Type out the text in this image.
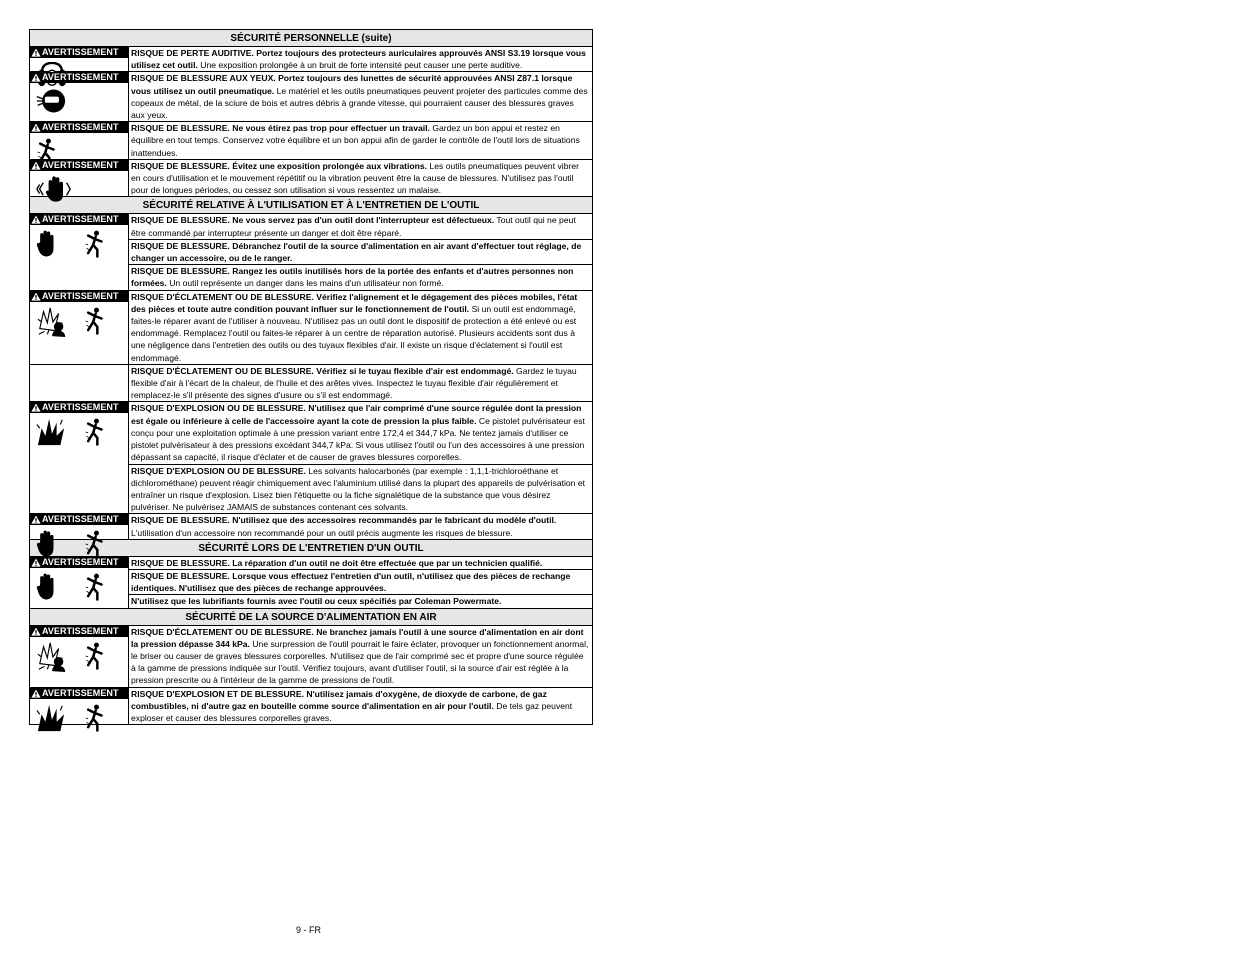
SÉCURITÉ PERSONNELLE (suite)
AVERTISSEMENT RISQUE DE PERTE AUDITIVE. Portez toujours des protecteurs auriculaires approuvés ANSI S3.19 lorsque vous utilisez cet outil. Une exposition prolongée à un bruit de forte intensité peut causer une perte auditive.
AVERTISSEMENT RISQUE DE BLESSURE AUX YEUX. Portez toujours des lunettes de sécurité approuvées ANSI Z87.1 lorsque vous utilisez un outil pneumatique. Le matériel et les outils pneumatiques peuvent projeter des particules comme des copeaux de métal, de la sciure de bois et autres débris à grande vitesse, qui pourraient causer des blessures graves aux yeux.
AVERTISSEMENT RISQUE DE BLESSURE. Ne vous étirez pas trop pour effectuer un travail. Gardez un bon appui et restez en équilibre en tout temps. Conservez votre équilibre et un bon appui afin de garder le contrôle de l'outil lors de situations inattendues.
AVERTISSEMENT RISQUE DE BLESSURE. Évitez une exposition prolongée aux vibrations. Les outils pneumatiques peuvent vibrer en cours d'utilisation et le mouvement répétitif ou la vibration peuvent être la cause de blessures. N'utilisez pas l'outil pour de longues périodes, ou cessez son utilisation si vous ressentez un malaise.
SÉCURITÉ RELATIVE À L'UTILISATION ET À L'ENTRETIEN DE L'OUTIL
AVERTISSEMENT RISQUE DE BLESSURE. Ne vous servez pas d'un outil dont l'interrupteur est défectueux. Tout outil qui ne peut être commandé par interrupteur présente un danger et doit être réparé.
RISQUE DE BLESSURE. Débranchez l'outil de la source d'alimentation en air avant d'effectuer tout réglage, de changer un accessoire, ou de le ranger.
RISQUE DE BLESSURE. Rangez les outils inutilisés hors de la portée des enfants et d'autres personnes non formées. Un outil représente un danger dans les mains d'un utilisateur non formé.
AVERTISSEMENT RISQUE D'ÉCLATEMENT OU DE BLESSURE. Vérifiez l'alignement et le dégagement des pièces mobiles, l'état des pièces et toute autre condition pouvant influer sur le fonctionnement de l'outil. Si un outil est endommagé, faites-le réparer avant de l'utiliser à nouveau. N'utilisez pas un outil dont le dispositif de protection a été enlevé ou est endommagé. Remplacez l'outil ou faites-le réparer à un centre de réparation autorisé. Plusieurs accidents sont dus à une négligence dans l'entretien des outils ou des tuyaux flexibles d'air. Il existe un risque d'éclatement si l'outil est endommagé.
RISQUE D'ÉCLATEMENT OU DE BLESSURE. Vérifiez si le tuyau flexible d'air est endommagé. Gardez le tuyau flexible d'air à l'écart de la chaleur, de l'huile et des arêtes vives. Inspectez le tuyau flexible d'air régulièrement et remplacez-le s'il présente des signes d'usure ou s'il est endommagé.
AVERTISSEMENT RISQUE D'EXPLOSION OU DE BLESSURE. N'utilisez que l'air comprimé d'une source régulée dont la pression est égale ou inférieure à celle de l'accessoire ayant la cote de pression la plus faible. Ce pistolet pulvérisateur est conçu pour une exploitation optimale à une pression variant entre 172,4 et 344,7 kPa. Ne tentez jamais d'utiliser ce pistolet pulvérisateur à des pressions excédant 344,7 kPa. Si vous utilisez l'outil ou l'un des accessoires à une pression dépassant sa capacité, il risque d'éclater et de causer de graves blessures corporelles.
RISQUE D'EXPLOSION OU DE BLESSURE. Les solvants halocarbonés (par exemple : 1,1,1-trichloroéthane et dichlorométhane) peuvent réagir chimiquement avec l'aluminium utilisé dans la plupart des appareils de pulvérisation et entraîner un risque d'explosion. Lisez bien l'étiquette ou la fiche signalétique de la substance que vous désirez pulvériser. Ne pulvérisez JAMAIS de substances contenant ces solvants.
AVERTISSEMENT RISQUE DE BLESSURE. N'utilisez que des accessoires recommandés par le fabricant du modèle d'outil. L'utilisation d'un accessoire non recommandé pour un outil précis augmente les risques de blessure.
SÉCURITÉ LORS DE L'ENTRETIEN D'UN OUTIL
AVERTISSEMENT RISQUE DE BLESSURE. La réparation d'un outil ne doit être effectuée que par un technicien qualifié.
RISQUE DE BLESSURE. Lorsque vous effectuez l'entretien d'un outil, n'utilisez que des pièces de rechange identiques. N'utilisez que des pièces de rechange approuvées.
N'utilisez que les lubrifiants fournis avec l'outil ou ceux spécifiés par Coleman Powermate.
SÉCURITÉ DE LA SOURCE D'ALIMENTATION EN AIR
AVERTISSEMENT RISQUE D'ÉCLATEMENT OU DE BLESSURE. Ne branchez jamais l'outil à une source d'alimentation en air dont la pression dépasse 344 kPa. Une surpression de l'outil pourrait le faire éclater, provoquer un fonctionnement anormal, le briser ou causer de graves blessures corporelles. N'utilisez que de l'air comprimé sec et propre d'une source régulée à la gamme de pressions indiquée sur l'outil. Vérifiez toujours, avant d'utiliser l'outil, si la source d'air est réglée à la pression prescrite ou à l'intérieur de la gamme de pressions de l'outil.
AVERTISSEMENT RISQUE D'EXPLOSION ET DE BLESSURE. N'utilisez jamais d'oxygène, de dioxyde de carbone, de gaz combustibles, ni d'autre gaz en bouteille comme source d'alimentation en air pour l'outil. De tels gaz peuvent exploser et causer des blessures corporelles graves.
9 - FR
